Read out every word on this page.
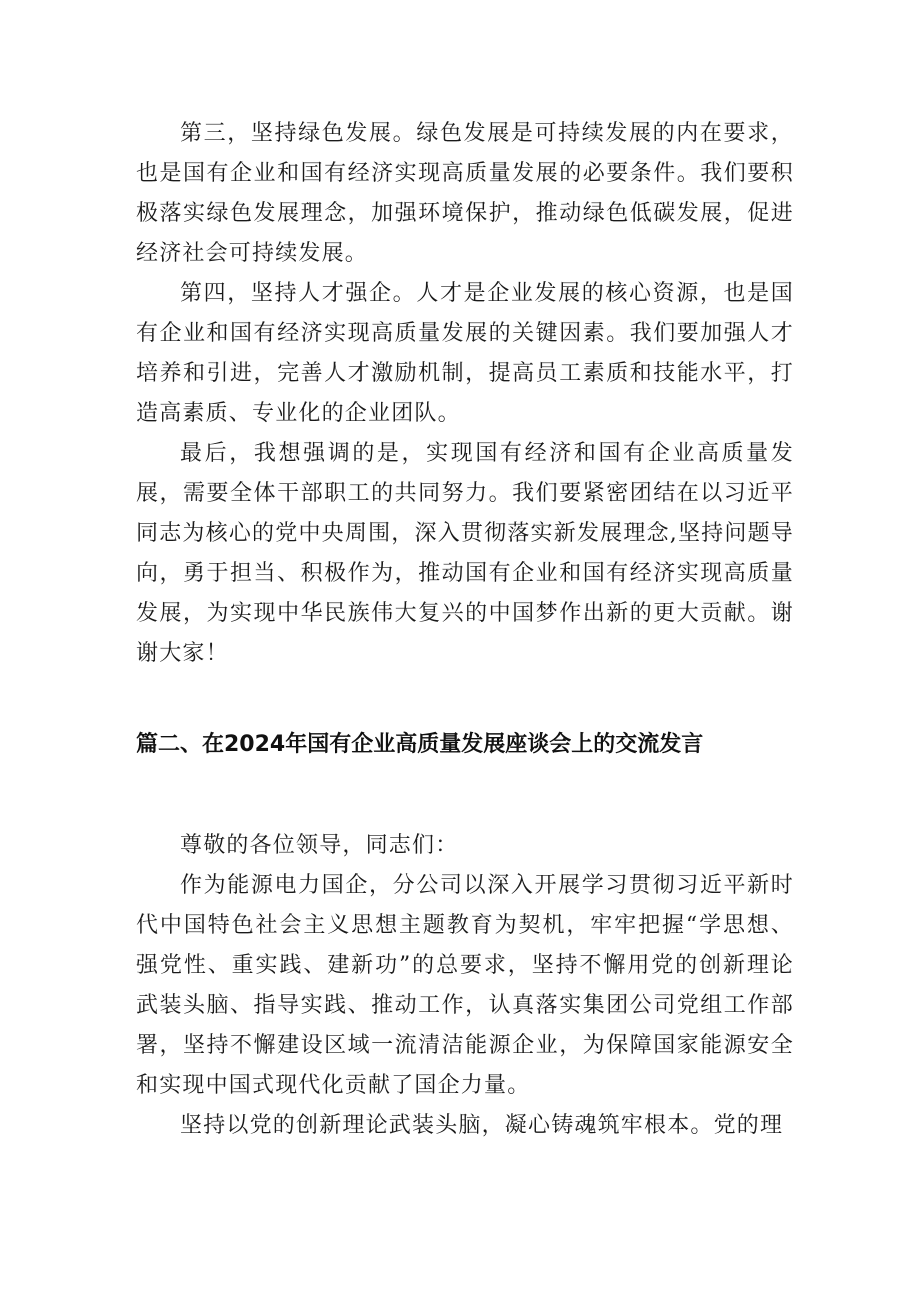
第三，坚持绿色发展。绿色发展是可持续发展的内在要求，也是国有企业和国有经济实现高质量发展的必要条件。我们要积极落实绿色发展理念，加强环境保护，推动绿色低碳发展，促进经济社会可持续发展。

第四，坚持人才强企。人才是企业发展的核心资源，也是国有企业和国有经济实现高质量发展的关键因素。我们要加强人才培养和引进，完善人才激励机制，提高员工素质和技能水平，打造高素质、专业化的企业团队。

最后，我想强调的是，实现国有经济和国有企业高质量发展，需要全体干部职工的共同努力。我们要紧密团结在以习近平同志为核心的党中央周围，深入贯彻落实新发展理念,坚持问题导向，勇于担当、积极作为，推动国有企业和国有经济实现高质量发展，为实现中华民族伟大复兴的中国梦作出新的更大贡献。谢谢大家！

篇二、在2024年国有企业高质量发展座谈会上的交流发言

尊敬的各位领导，同志们：

作为能源电力国企，分公司以深入开展学习贯彻习近平新时代中国特色社会主义思想主题教育为契机，牢牢把握“学思想、强党性、重实践、建新功”的总要求，坚持不懈用党的创新理论武装头脑、指导实践、推动工作，认真落实集团公司党组工作部署，坚持不懈建设区域一流清洁能源企业，为保障国家能源安全和实现中国式现代化贡献了国企力量。

坚持以党的创新理论武装头脑，凝心铸魂筑牢根本。党的理
